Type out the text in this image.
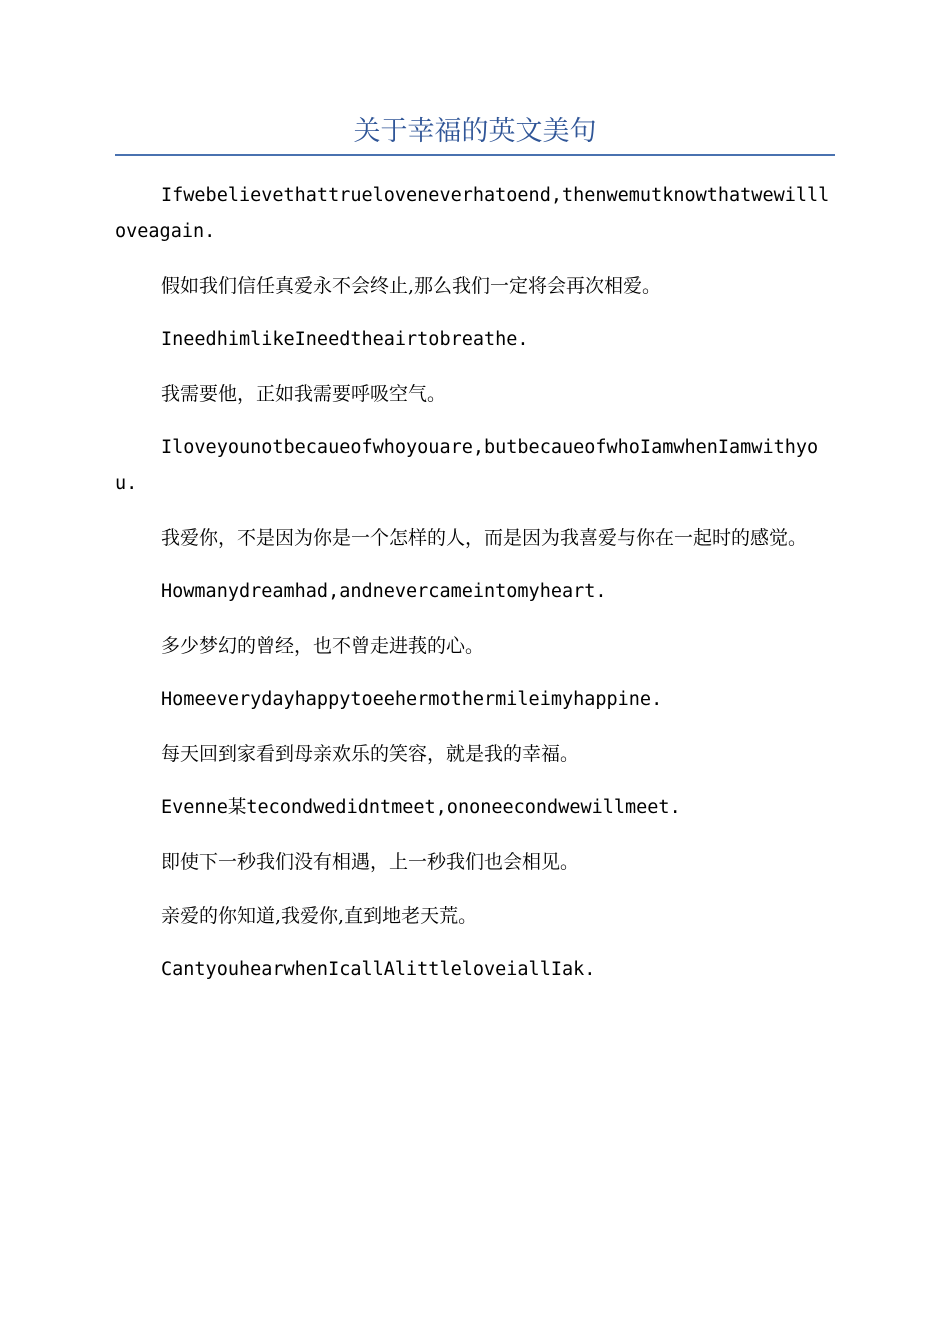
关于幸福的英文美句

Ifwebelievethattrueloveneverhatoend,thenwemutknowthatwewillloveagain.

假如我们信任真爱永不会终止,那么我们一定将会再次相爱。

IneedhimlikeIneedtheairtobreathe.

我需要他，正如我需要呼吸空气。

Iloveyounotbecaueofwhoyouare,butbecaueofwhoIamwhenIamwithyou.

我爱你，不是因为你是一个怎样的人，而是因为我喜爱与你在一起时的感觉。

Howmanydreamhad,andnevercameintomyheart.

多少梦幻的曾经，也不曾走进莪的心。

Homeeverydayhappytoeehermothermileimyhappine.

每天回到家看到母亲欢乐的笑容，就是我的幸福。

Evenne某tecondwedidntmeet,ononeecondwewillmeet.

即使下一秒我们没有相遇，上一秒我们也会相见。

亲爱的你知道,我爱你,直到地老天荒。

CantyouhearwhenIcallAlittleloveiallIak.
